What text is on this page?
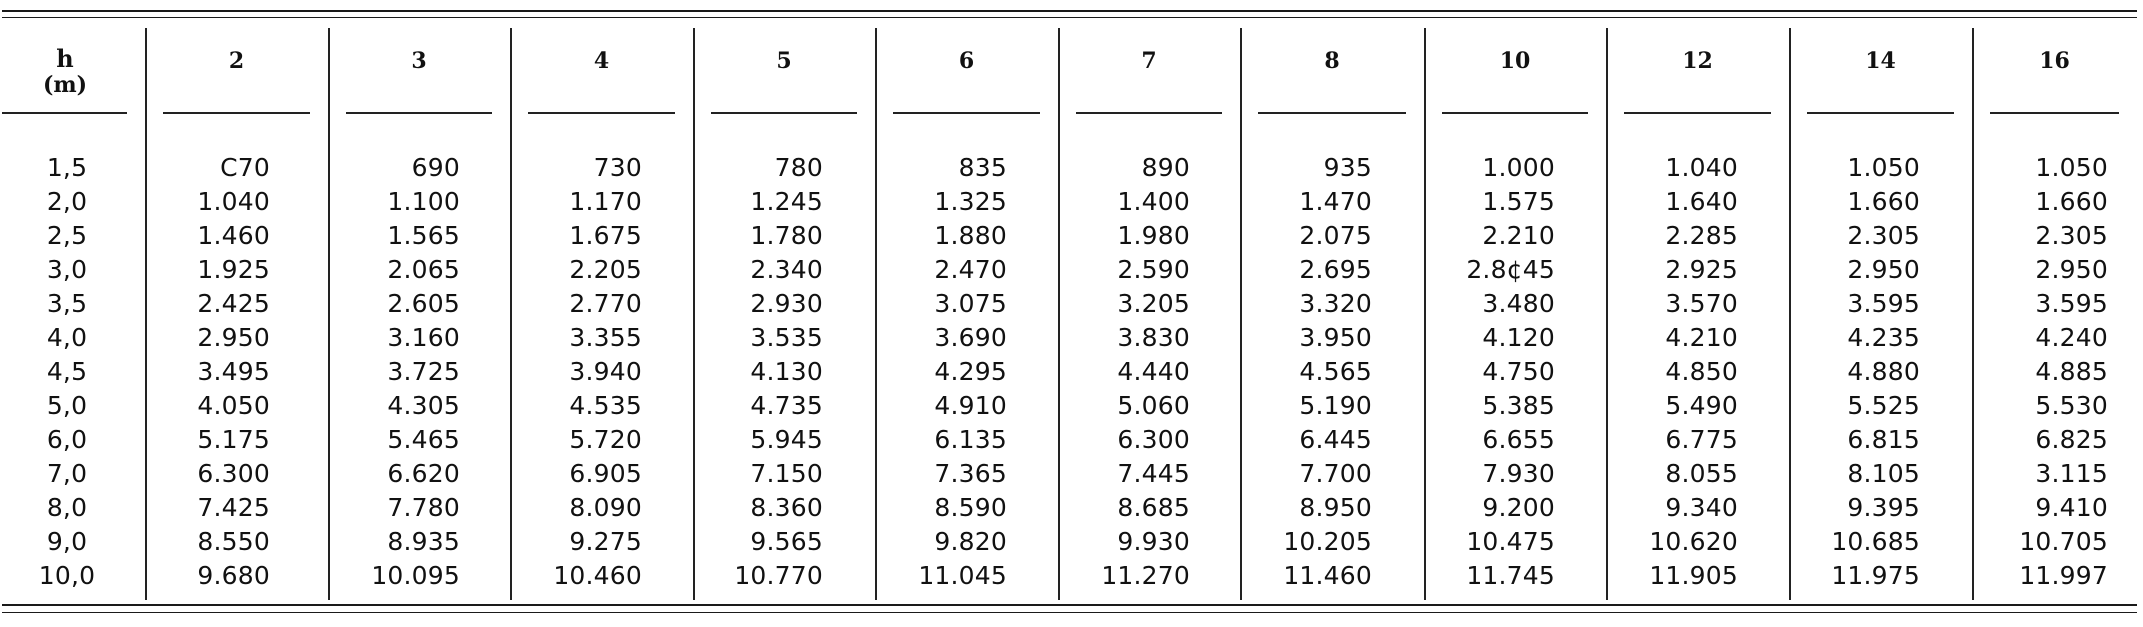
h
(m)
2	3	4	5	6	7	8	10	12	14	16
1,5	C70	690	730	780	835	890	935	1.000	1.040	1.050	1.050
2,0	1.040	1.100	1.170	1.245	1.325	1.400	1.470	1.575	1.640	1.660	1.660
2,5	1.460	1.565	1.675	1.780	1.880	1.980	2.075	2.210	2.285	2.305	2.305
3,0	1.925	2.065	2.205	2.340	2.470	2.590	2.695	2.8¢45	2.925	2.950	2.950
3,5	2.425	2.605	2.770	2.930	3.075	3.205	3.320	3.480	3.570	3.595	3.595
4,0	2.950	3.160	3.355	3.535	3.690	3.830	3.950	4.120	4.210	4.235	4.240
4,5	3.495	3.725	3.940	4.130	4.295	4.440	4.565	4.750	4.850	4.880	4.885
5,0	4.050	4.305	4.535	4.735	4.910	5.060	5.190	5.385	5.490	5.525	5.530
6,0	5.175	5.465	5.720	5.945	6.135	6.300	6.445	6.655	6.775	6.815	6.825
7,0	6.300	6.620	6.905	7.150	7.365	7.445	7.700	7.930	8.055	8.105	3.115
8,0	7.425	7.780	8.090	8.360	8.590	8.685	8.950	9.200	9.340	9.395	9.410
9,0	8.550	8.935	9.275	9.565	9.820	9.930	10.205	10.475	10.620	10.685	10.705
10,0	9.680	10.095	10.460	10.770	11.045	11.270	11.460	11.745	11.905	11.975	11.997
